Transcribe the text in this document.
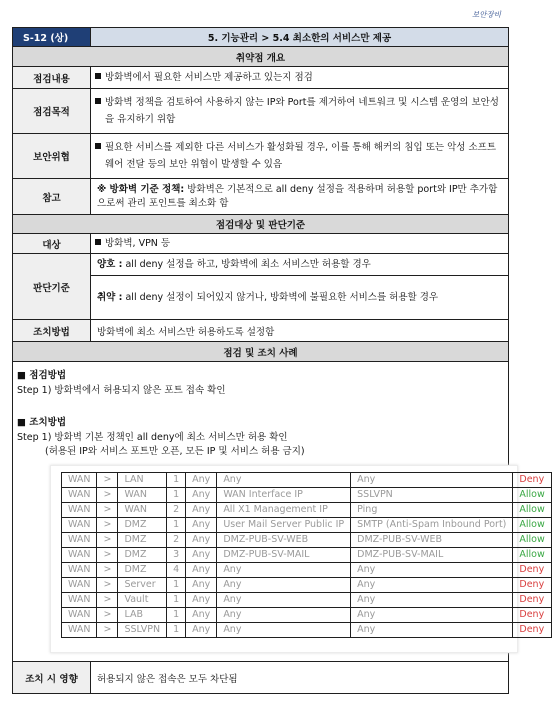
보안장비
S-12 (상)	5. 기능관리 > 5.4 최소한의 서비스만 제공
취약점 개요
점검내용	방화벽에서 필요한 서비스만 제공하고 있는지 점검
점검목적	방화벽 정책을 검토하여 사용하지 않는 IP와 Port를 제거하여 네트워크 및 시스템 운영의 보안성을 유지하기 위함
보안위협	필요한 서비스를 제외한 다른 서비스가 활성화될 경우, 이를 통해 해커의 침입 또는 악성 소프트웨어 전달 등의 보안 위협이 발생할 수 있음
참고	※ 방화벽 기준 정책: 방화벽은 기본적으로 all deny 설정을 적용하며 허용할 port와 IP만 추가함으로써 관리 포인트를 최소화 함
점검대상 및 판단기준
대상	방화벽, VPN 등
판단기준	양호 : all deny 설정을 하고, 방화벽에 최소 서비스만 허용할 경우
취약 : all deny 설정이 되어있지 않거나, 방화벽에 불필요한 서비스를 허용할 경우
조치방법	방화벽에 최소 서비스만 허용하도록 설정함
점검 및 조치 사례

■ 점검방법
Step 1) 방화벽에서 허용되지 않은 포트 접속 확인
■ 조치방법
Step 1) 방화벽 기본 정책인 all deny에 최소 서비스만 허용 확인
(허용된 IP와 서비스 포트만 오픈, 모든 IP 및 서비스 허용 금지)
WAN	>	LAN	1	Any	Any	Any	Deny
WAN	>	WAN	1	Any	WAN Interface IP	SSLVPN	Allow
WAN	>	WAN	2	Any	All X1 Management IP	Ping	Allow
WAN	>	DMZ	1	Any	User Mail Server Public IP	SMTP (Anti-Spam Inbound Port)	Allow
WAN	>	DMZ	2	Any	DMZ-PUB-SV-WEB	DMZ-PUB-SV-WEB	Allow
WAN	>	DMZ	3	Any	DMZ-PUB-SV-MAIL	DMZ-PUB-SV-MAIL	Allow
WAN	>	DMZ	4	Any	Any	Any	Deny
WAN	>	Server	1	Any	Any	Any	Deny
WAN	>	Vault	1	Any	Any	Any	Deny
WAN	>	LAB	1	Any	Any	Any	Deny
WAN	>	SSLVPN	1	Any	Any	Any	Deny

조치 시 영향	허용되지 않은 접속은 모두 차단됨
